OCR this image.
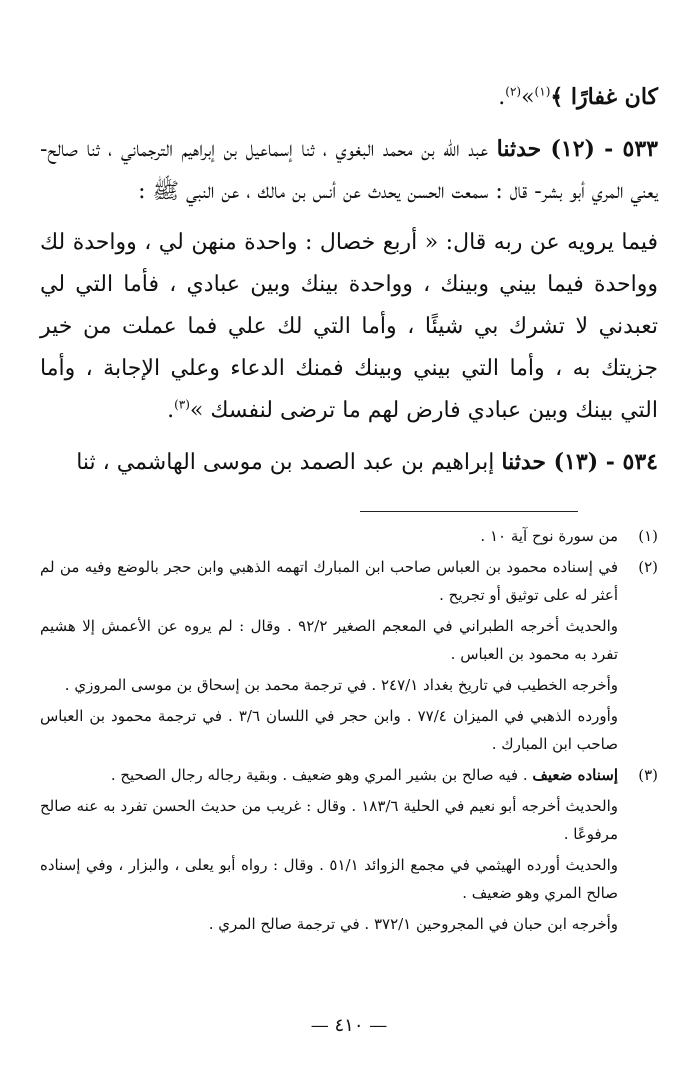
كان غفارًا ﴾$^{(١)}$»$^{(٢)}$.

٥٣٣ - (١٢) حدثنا عبد الله بن محمد البغوي ، ثنا إسماعيل بن إبراهيم الترجماني ، ثنا صالح- يعني المري أبو بشر- قال : سمعت الحسن يحدث عن أنس بن مالك ، عن النبي ﷺ :

فيما يرويه عن ربه قال: « أربع خصال : واحدة منهن لي ، وواحدة لك وواحدة فيما بيني وبينك ، وواحدة بينك وبين عبادي ، فأما التي لي تعبدني لا تشرك بي شيئًا ، وأما التي لك علي فما عملت من خير جزيتك به ، وأما التي بيني وبينك فمنك الدعاء وعلي الإجابة ، وأما التي بينك وبين عبادي فارض لهم ما ترضى لنفسك »$^{(٣)}$.

٥٣٤ - (١٣) حدثنا إبراهيم بن عبد الصمد بن موسى الهاشمي ، ثنا

(١)

من سورة نوح آية ١٠ .

(٢)

في إسناده محمود بن العباس صاحب ابن المبارك اتهمه الذهبي وابن حجر بالوضع وفيه من لم أعثر له على توثيق أو تجريح .

والحديث أخرجه الطبراني في المعجم الصغير ٩٢/٢ . وقال : لم يروه عن الأعمش إلا هشيم تفرد به محمود بن العباس .

وأخرجه الخطيب في تاريخ بغداد ٢٤٧/١ . في ترجمة محمد بن إسحاق بن موسى المروزي .

وأورده الذهبي في الميزان ٧٧/٤ . وابن حجر في اللسان ٣/٦ . في ترجمة محمود بن العباس صاحب ابن المبارك .

(٣)

إسناده ضعيف . فيه صالح بن بشير المري وهو ضعيف . وبقية رجاله رجال الصحيح .

والحديث أخرجه أبو نعيم في الحلية ١٨٣/٦ . وقال : غريب من حديث الحسن تفرد به عنه صالح مرفوعًا .

والحديث أورده الهيثمي في مجمع الزوائد ٥١/١ . وقال : رواه أبو يعلى ، والبزار ، وفي إسناده صالح المري وهو ضعيف .

وأخرجه ابن حبان في المجروحين ٣٧٢/١ . في ترجمة صالح المري .

— ٤١٠ —
